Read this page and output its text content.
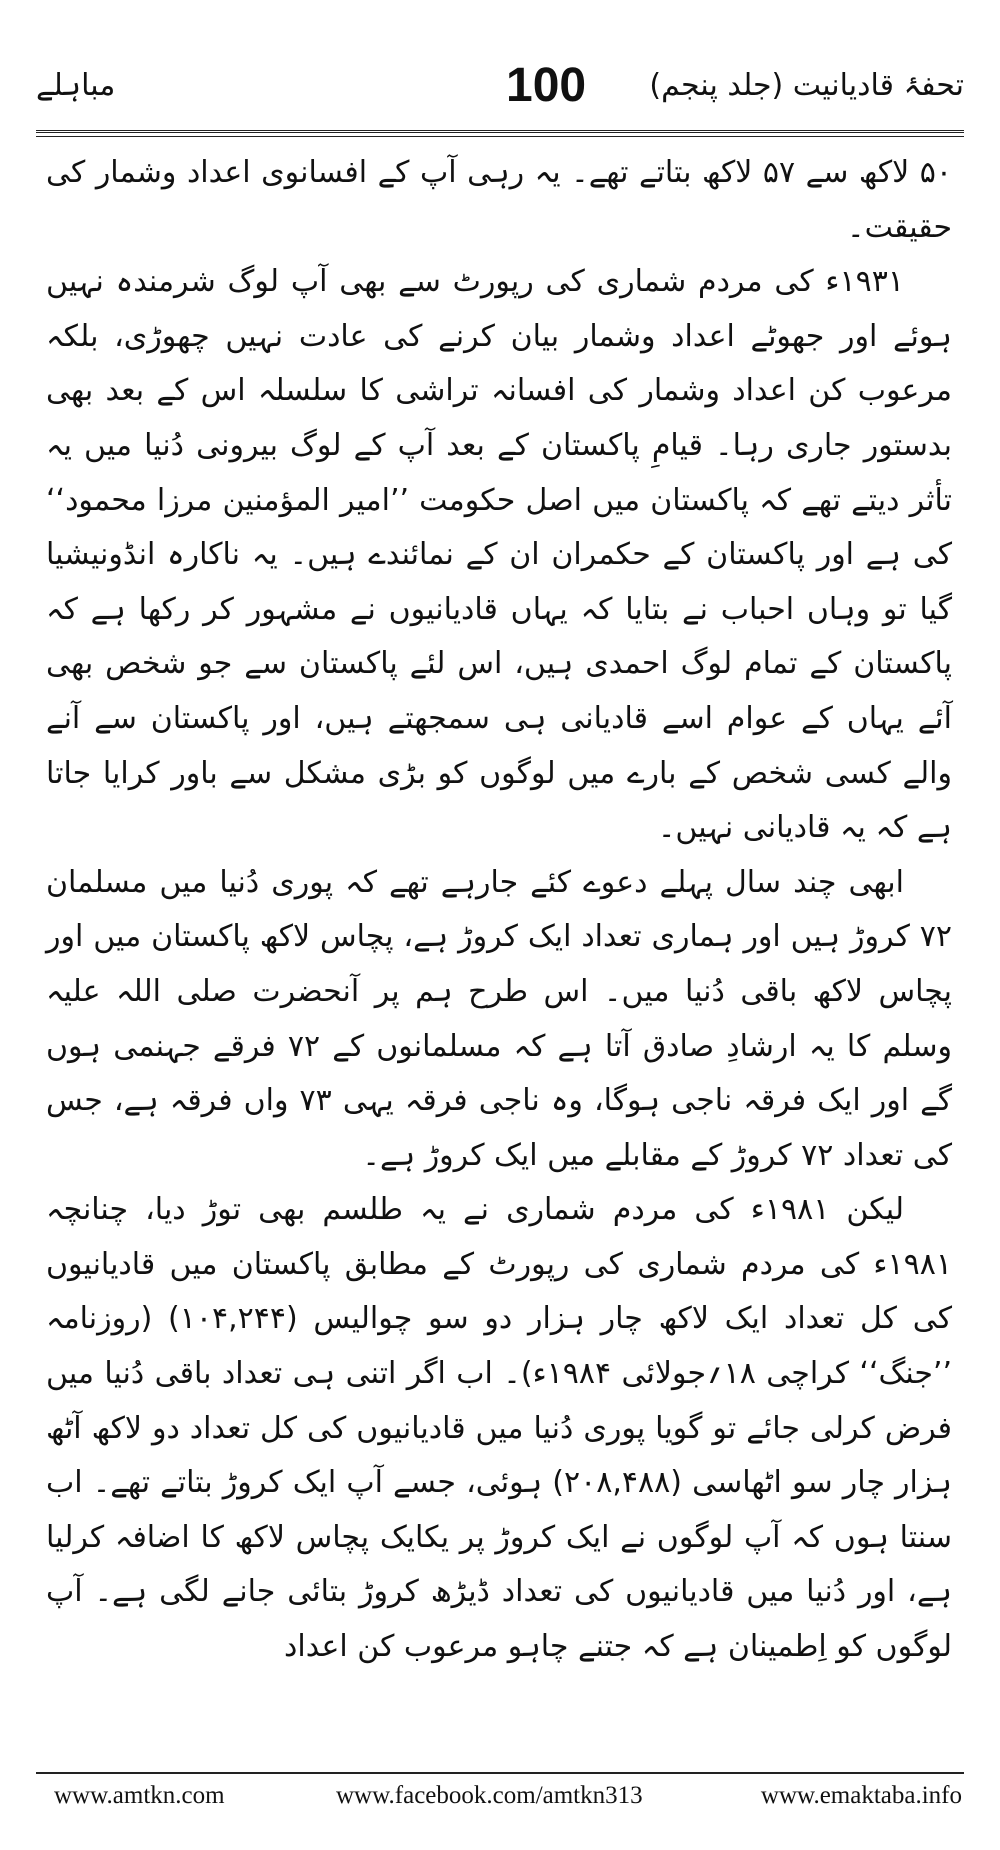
مباہلے	100 تحفۂ قادیانیت (جلد پنجم)

۵۰ لاکھ سے ۵۷ لاکھ بتاتے تھے۔ یہ رہی آپ کے افسانوی اعداد وشمار کی حقیقت۔

۱۹۳۱ء کی مردم شماری کی رپورٹ سے بھی آپ لوگ شرمندہ نہیں ہوئے اور جھوٹے اعداد وشمار بیان کرنے کی عادت نہیں چھوڑی، بلکہ مرعوب کن اعداد وشمار کی افسانہ تراشی کا سلسلہ اس کے بعد بھی بدستور جاری رہا۔ قیامِ پاکستان کے بعد آپ کے لوگ بیرونی دُنیا میں یہ تأثر دیتے تھے کہ پاکستان میں اصل حکومت ’’امیر المؤمنین مرزا محمود‘‘ کی ہے اور پاکستان کے حکمران ان کے نمائندے ہیں۔ یہ ناکارہ انڈونیشیا گیا تو وہاں احباب نے بتایا کہ یہاں قادیانیوں نے مشہور کر رکھا ہے کہ پاکستان کے تمام لوگ احمدی ہیں، اس لئے پاکستان سے جو شخص بھی آئے یہاں کے عوام اسے قادیانی ہی سمجھتے ہیں، اور پاکستان سے آنے والے کسی شخص کے بارے میں لوگوں کو بڑی مشکل سے باور کرایا جاتا ہے کہ یہ قادیانی نہیں۔

ابھی چند سال پہلے دعوے کئے جارہے تھے کہ پوری دُنیا میں مسلمان ۷۲ کروڑ ہیں اور ہماری تعداد ایک کروڑ ہے، پچاس لاکھ پاکستان میں اور پچاس لاکھ باقی دُنیا میں۔ اس طرح ہم پر آنحضرت صلی اللہ علیہ وسلم کا یہ ارشادِ صادق آتا ہے کہ مسلمانوں کے ۷۲ فرقے جہنمی ہوں گے اور ایک فرقہ ناجی ہوگا، وہ ناجی فرقہ یہی ۷۳ واں فرقہ ہے، جس کی تعداد ۷۲ کروڑ کے مقابلے میں ایک کروڑ ہے۔

لیکن ۱۹۸۱ء کی مردم شماری نے یہ طلسم بھی توڑ دیا، چنانچہ ۱۹۸۱ء کی مردم شماری کی رپورٹ کے مطابق پاکستان میں قادیانیوں کی کل تعداد ایک لاکھ چار ہزار دو سو چوالیس (۱۰۴,۲۴۴) (روزنامہ ’’جنگ‘‘ کراچی ۱۸؍جولائی ۱۹۸۴ء)۔ اب اگر اتنی ہی تعداد باقی دُنیا میں فرض کرلی جائے تو گویا پوری دُنیا میں قادیانیوں کی کل تعداد دو لاکھ آٹھ ہزار چار سو اٹھاسی (۲۰۸,۴۸۸) ہوئی، جسے آپ ایک کروڑ بتاتے تھے۔ اب سنتا ہوں کہ آپ لوگوں نے ایک کروڑ پر یکایک پچاس لاکھ کا اضافہ کرلیا ہے، اور دُنیا میں قادیانیوں کی تعداد ڈیڑھ کروڑ بتائی جانے لگی ہے۔ آپ لوگوں کو اِطمینان ہے کہ جتنے چاہو مرعوب کن اعداد

www.amtkn.com	www.facebook.com/amtkn313	www.emaktaba.info
